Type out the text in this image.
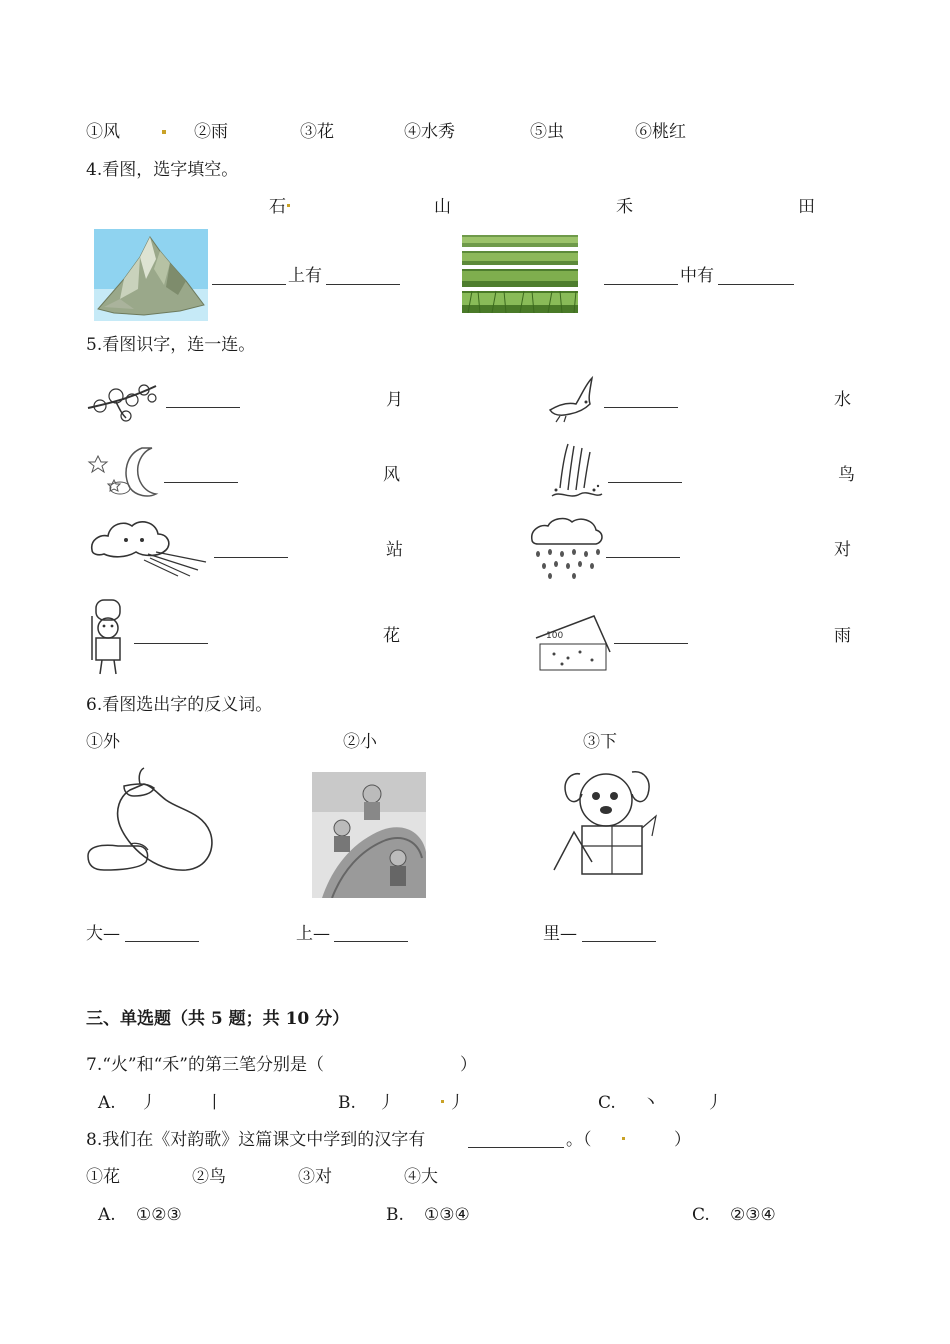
①风	②雨	③花	④水秀	⑤虫	⑥桃红
4.看图，选字填空。
石	山	禾	田
上有	中有
5.看图识字，连一连。
月	水
风	鸟
站	对
花	100	雨
6.看图选出字的反义词。
①外	②小	③下
大—	上—	里—
三、单选题（共 5 题；共 10 分）
7.“火”和“禾”的第三笔分别是（	）
A. 丿	丨	B. 丿	丿	C. 丶	丿
8.我们在《对韵歌》这篇课文中学到的汉字有	。（	）
①花	②鸟	③对	④大
A. ①②③	B. ①③④	C. ②③④
